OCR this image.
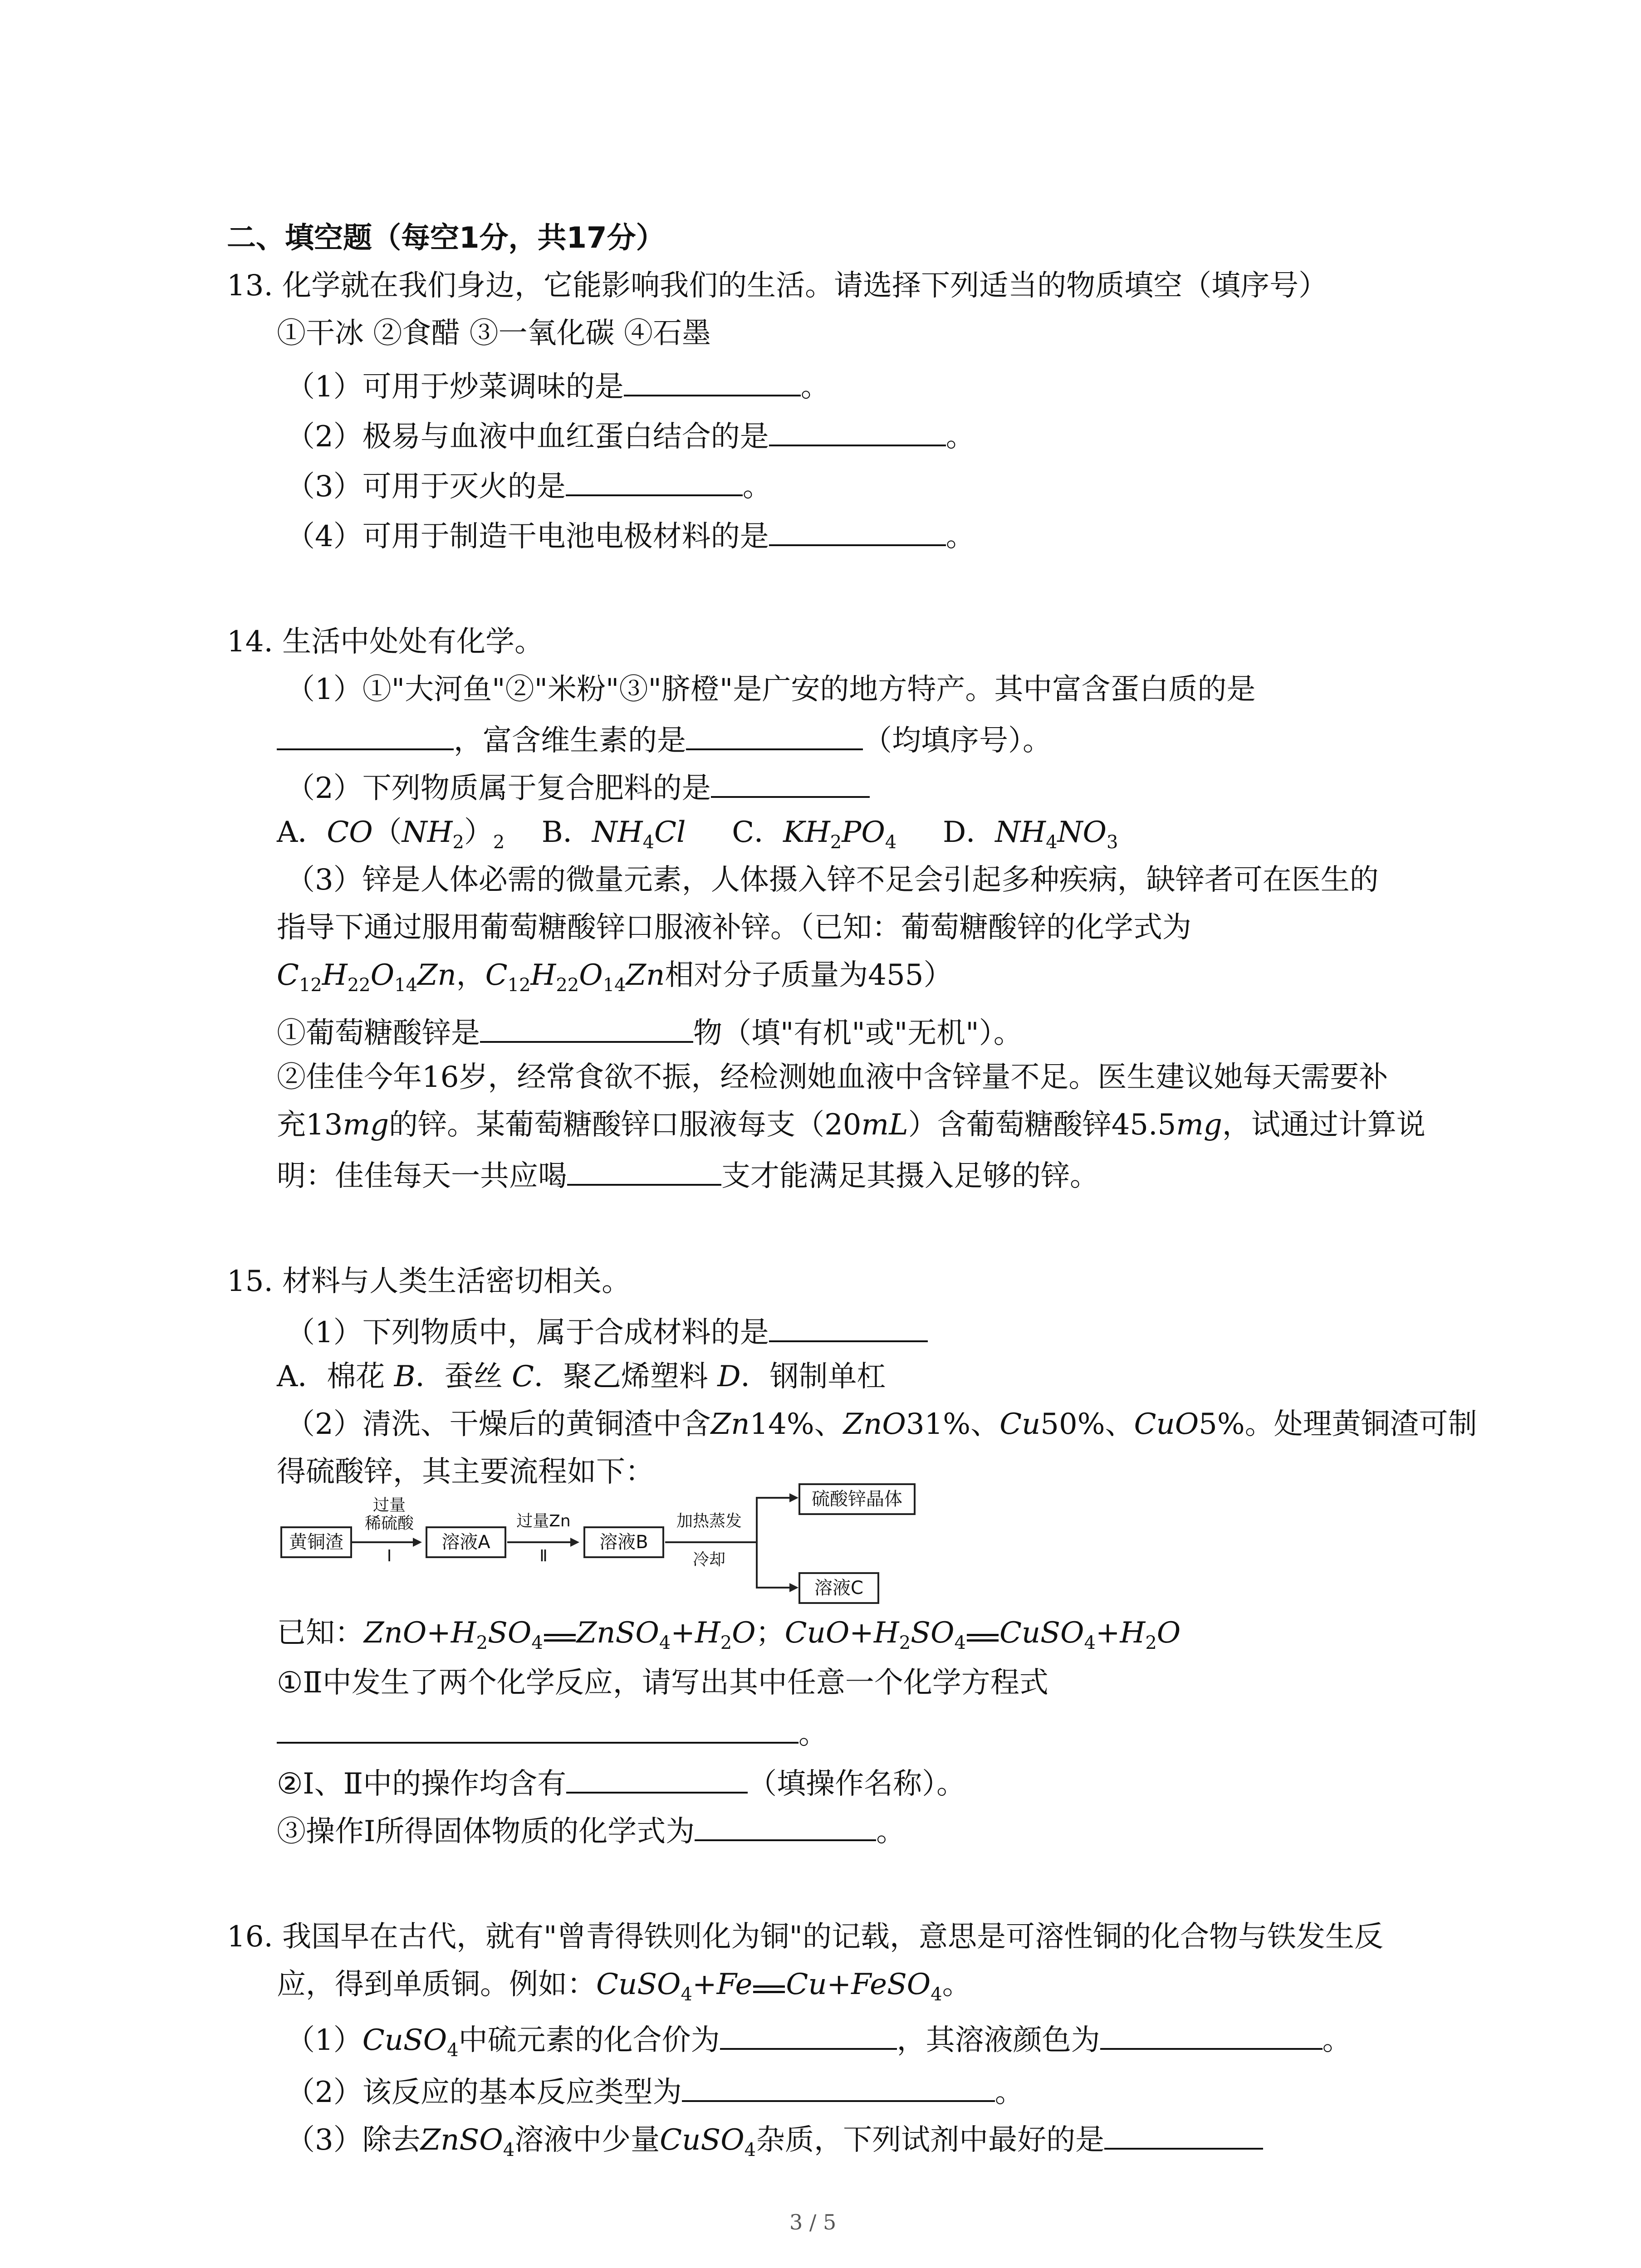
二、填空题（每空1分，共17分）
13. 化学就在我们身边，它能影响我们的生活。请选择下列适当的物质填空（填序号）
①干冰 ②食醋 ③一氧化碳 ④石墨
（1）可用于炒菜调味的是	。
（2）极易与血液中血红蛋白结合的是	。
（3）可用于灭火的是	。
（4）可用于制造干电池电极材料的是	。
14. 生活中处处有化学。
（1）①"大河鱼"②"米粉"③"脐橙"是广安的地方特产。其中富含蛋白质的是
，富含维生素的是	（均填序号）。
（2）下列物质属于复合肥料的是
A．$CO(NH_2)_2$    B．$NH_4Cl$     C．$KH_2PO_4$     D．$NH_4NO_3$
（3）锌是人体必需的微量元素，人体摄入锌不足会引起多种疾病，缺锌者可在医生的
指导下通过服用葡萄糖酸锌口服液补锌。（已知：葡萄糖酸锌的化学式为
$C_{12}H_{22}O_{14}Zn$，$C_{12}H_{22}O_{14}Zn$相对分子质量为455）
①葡萄糖酸锌是	物（填"有机"或"无机"）。
②佳佳今年16岁，经常食欲不振，经检测她血液中含锌量不足。医生建议她每天需要补
充13mg的锌。某葡萄糖酸锌口服液每支（20mL）含葡萄糖酸锌45.5mg，试通过计算说
明：佳佳每天一共应喝	支才能满足其摄入足够的锌。
15. 材料与人类生活密切相关。
（1）下列物质中，属于合成材料的是
A．棉花 B．蚕丝 C．聚乙烯塑料 D．钢制单杠
（2）清洗、干燥后的黄铜渣中含Zn14%、ZnO31%、Cu50%、CuO5%。处理黄铜渣可制
得硫酸锌，其主要流程如下：
黄铜渣
过量
稀硫酸
Ⅰ
溶液A
过量Zn
Ⅱ
溶液B
加热蒸发
冷却
硫酸锌晶体
溶液C
已知：$ZnO+H_2SO_4$ $ZnSO_4+H_2O$；$CuO+H_2SO_4$ $CuSO_4+H_2O$
①Ⅱ中发生了两个化学反应，请写出其中任意一个化学方程式
。
②Ⅰ、Ⅱ中的操作均含有	（填操作名称）。
③操作Ⅰ所得固体物质的化学式为	。
16. 我国早在古代，就有"曾青得铁则化为铜"的记载，意思是可溶性铜的化合物与铁发生反
应，得到单质铜。例如：CuSO$_4$+Fe Cu+FeSO$_4$。
（1）CuSO$_4$中硫元素的化合价为	，其溶液颜色为	。
（2）该反应的基本反应类型为	。
（3）除去ZnSO$_4$溶液中少量CuSO$_4$杂质，下列试剂中最好的是
3 / 5
